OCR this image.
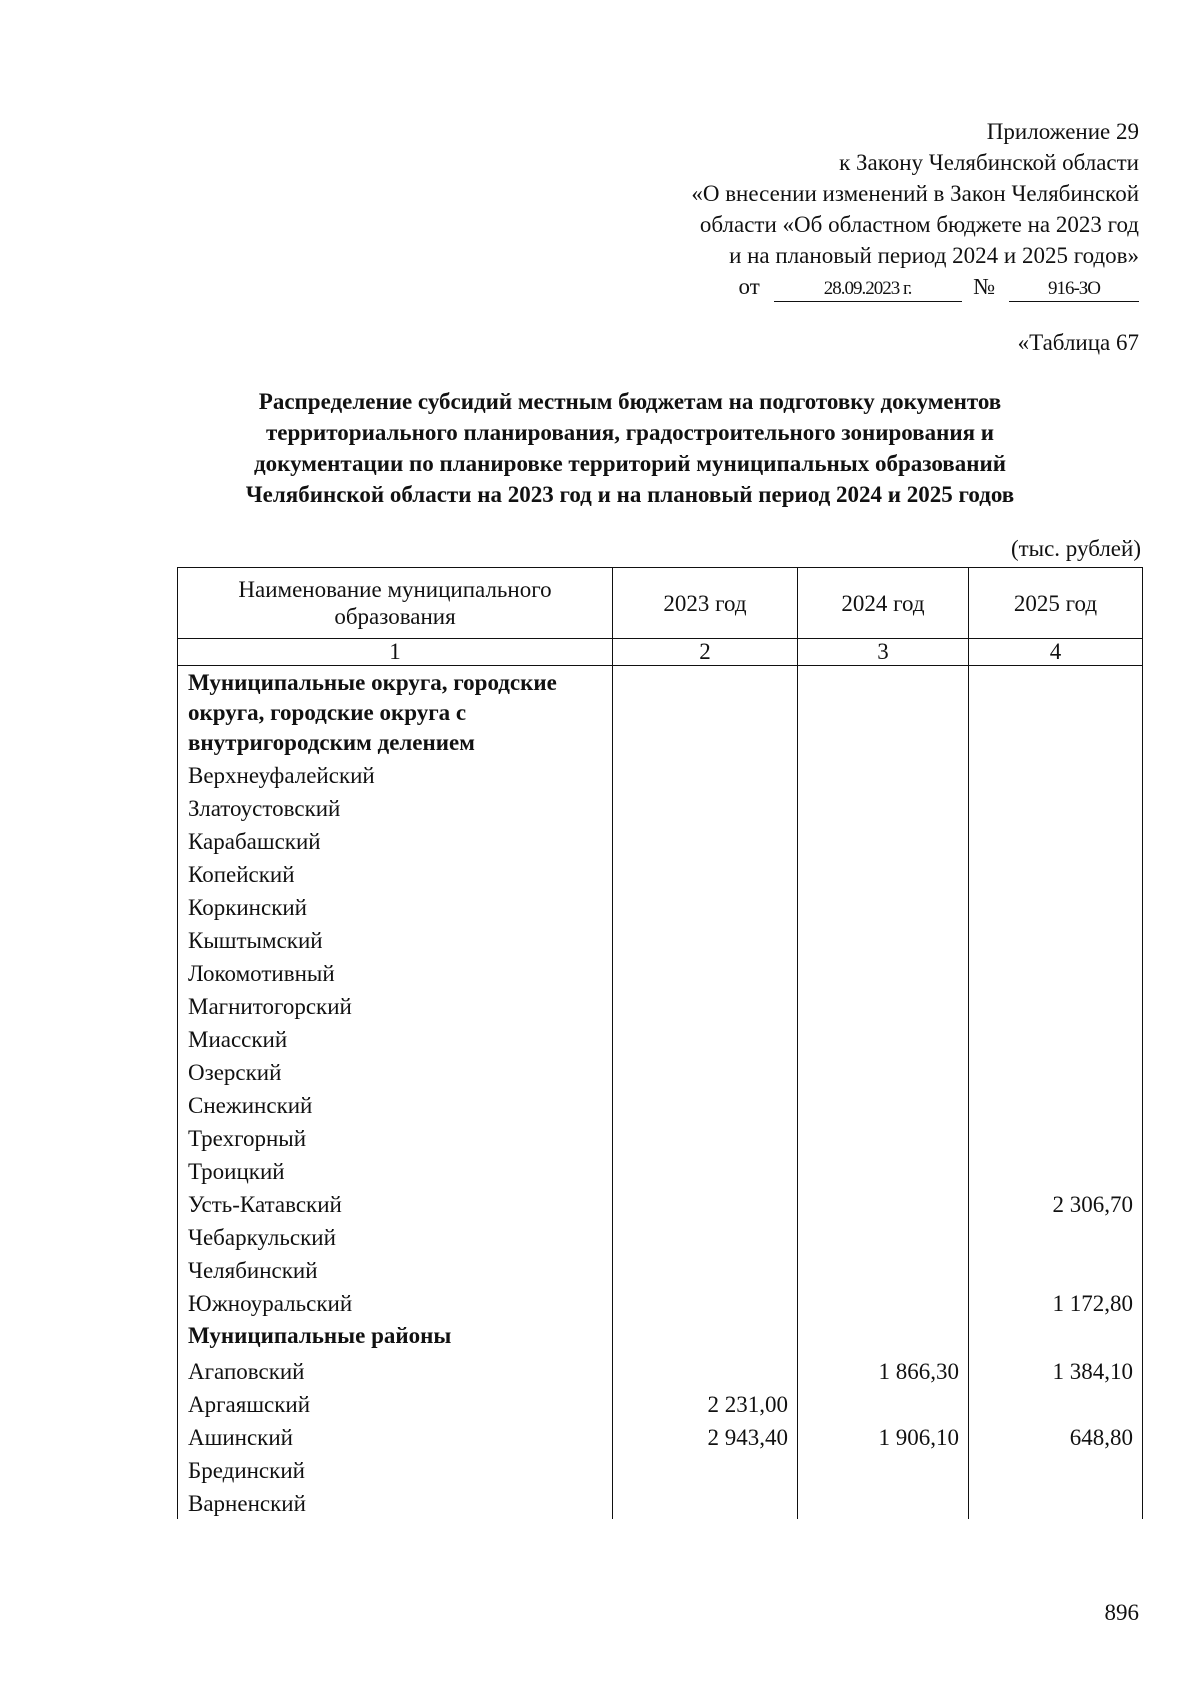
Приложение 29
к Закону Челябинской области
«О внесении изменений в Закон Челябинской
области «Об областном бюджете на 2023 год
и на плановый период 2024 и 2025 годов»
от	28.09.2023 г.	№	916-ЗО
«Таблица 67
Распределение субсидий местным бюджетам на подготовку документов
территориального планирования, градостроительного зонирования и
документации по планировке территорий муниципальных образований
Челябинской области на 2023 год и на плановый период 2024 и 2025 годов
(тыс. рублей)
Наименование муниципального образования	2023 год	2024 год	2025 год
1	2	3	4
Муниципальные округа, городские округа, городские округа с внутригородским делением			
Верхнеуфалейский			
Златоустовский			
Карабашский			
Копейский			
Коркинский			
Кыштымский			
Локомотивный			
Магнитогорский			
Миасский			
Озерский			
Снежинский			
Трехгорный			
Троицкий			
Усть-Катавский			2 306,70
Чебаркульский			
Челябинский			
Южноуральский			1 172,80
Муниципальные районы			
Агаповский		1 866,30	1 384,10
Аргаяшский	2 231,00		
Ашинский	2 943,40	1 906,10	648,80
Брединский			
Варненский			
896
